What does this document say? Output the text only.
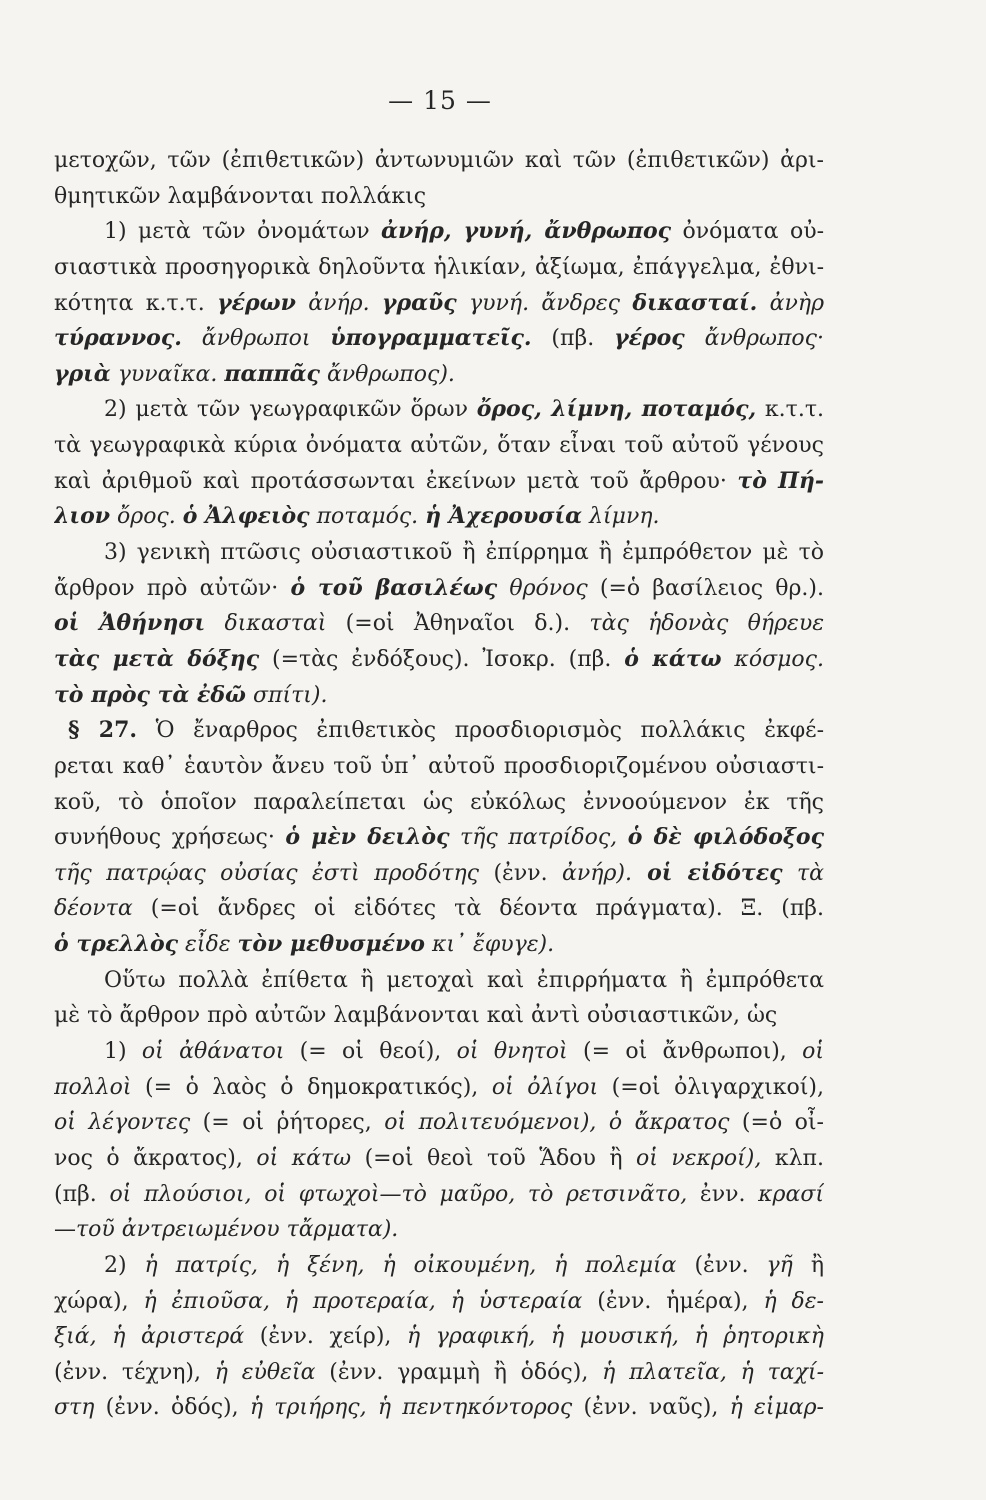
— 15 —
μετοχῶν, τῶν (ἐπιθετικῶν) ἀντωνυμιῶν καὶ τῶν (ἐπιθετικῶν) ἀρι-
θμητικῶν λαμβάνονται πολλάκις
1) μετὰ τῶν ὀνομάτων ἀνήρ, γυνή, ἄνθρωπος ὀνόματα οὐ-
σιαστικὰ προσηγορικὰ δηλοῦντα ἡλικίαν, ἀξίωμα, ἐπάγγελμα, ἐθνι-
κότητα κ.τ.τ. γέρων ἀνήρ. γραῦς γυνή. ἄνδρες δικασταί. ἀνὴρ
τύραννος. ἄνθρωποι ὑπογραμματεῖς. (πβ. γέρος ἄνθρωπος·
γριὰ γυναῖκα. παππᾶς ἄνθρωπος).
2) μετὰ τῶν γεωγραφικῶν ὅρων ὄρος, λίμνη, ποταμός, κ.τ.τ.
τὰ γεωγραφικὰ κύρια ὀνόματα αὐτῶν, ὅταν εἶναι τοῦ αὐτοῦ γένους
καὶ ἀριθμοῦ καὶ προτάσσωνται ἐκείνων μετὰ τοῦ ἄρθρου· τὸ Πή-
λιον ὄρος. ὁ Ἀλφειὸς ποταμός. ἡ Ἀχερουσία λίμνη.
3) γενικὴ πτῶσις οὐσιαστικοῦ ἢ ἐπίρρημα ἢ ἐμπρόθετον μὲ τὸ
ἄρθρον πρὸ αὐτῶν· ὁ τοῦ βασιλέως θρόνος (=ὁ βασίλειος θρ.).
οἱ Ἀθήνησι δικασταὶ (=οἱ Ἀθηναῖοι δ.). τὰς ἡδονὰς θήρευε
τὰς μετὰ δόξης (=τὰς ἐνδόξους). Ἰσοκρ. (πβ. ὁ κάτω κόσμος.
τὸ πρὸς τὰ ἐδῶ σπίτι).
§ 27. Ὁ ἔναρθρος ἐπιθετικὸς προσδιορισμὸς πολλάκις ἐκφέ-
ρεται καθ᾿ ἑαυτὸν ἄνευ τοῦ ὑπ᾿ αὐτοῦ προσδιοριζομένου οὐσιαστι-
κοῦ, τὸ ὁποῖον παραλείπεται ὡς εὐκόλως ἐννοούμενον ἐκ τῆς
συνήθους χρήσεως· ὁ μὲν δειλὸς τῆς πατρίδος, ὁ δὲ φιλόδοξος
τῆς πατρῴας οὐσίας ἐστὶ προδότης (ἐνν. ἀνήρ). οἱ εἰδότες τὰ
δέοντα (=οἱ ἄνδρες οἱ εἰδότες τὰ δέοντα πράγματα). Ξ. (πβ.
ὁ τρελλὸς εἶδε τὸν μεθυσμένο κι᾿ ἔφυγε).
Οὕτω πολλὰ ἐπίθετα ἢ μετοχαὶ καὶ ἐπιρρήματα ἢ ἐμπρόθετα
μὲ τὸ ἄρθρον πρὸ αὐτῶν λαμβάνονται καὶ ἀντὶ οὐσιαστικῶν, ὡς
1) οἱ ἀθάνατοι (= οἱ θεοί), οἱ θνητοὶ (= οἱ ἄνθρωποι), οἱ
πολλοὶ (= ὁ λαὸς ὁ δημοκρατικός), οἱ ὀλίγοι (=οἱ ὀλιγαρχικοί),
οἱ λέγοντες (= οἱ ῥήτορες, οἱ πολιτευόμενοι), ὁ ἄκρατος (=ὁ οἶ-
νος ὁ ἄκρατος), οἱ κάτω (=οἱ θεοὶ τοῦ Ἅδου ἢ οἱ νεκροί), κλπ.
(πβ. οἱ πλούσιοι, οἱ φτωχοὶ—τὸ μαῦρο, τὸ ρετσινᾶτο, ἐνν. κρασί
—τοῦ ἀντρειωμένου τἄρματα).
2) ἡ πατρίς, ἡ ξένη, ἡ οἰκουμένη, ἡ πολεμία (ἐνν. γῆ ἢ
χώρα), ἡ ἐπιοῦσα, ἡ προτεραία, ἡ ὑστεραία (ἐνν. ἡμέρα), ἡ δε-
ξιά, ἡ ἀριστερά (ἐνν. χείρ), ἡ γραφική, ἡ μουσική, ἡ ῥητορικὴ
(ἐνν. τέχνη), ἡ εὐθεῖα (ἐνν. γραμμὴ ἢ ὁδός), ἡ πλατεῖα, ἡ ταχί-
στη (ἐνν. ὁδός), ἡ τριήρης, ἡ πεντηκόντορος (ἐνν. ναῦς), ἡ εἱμαρ-
